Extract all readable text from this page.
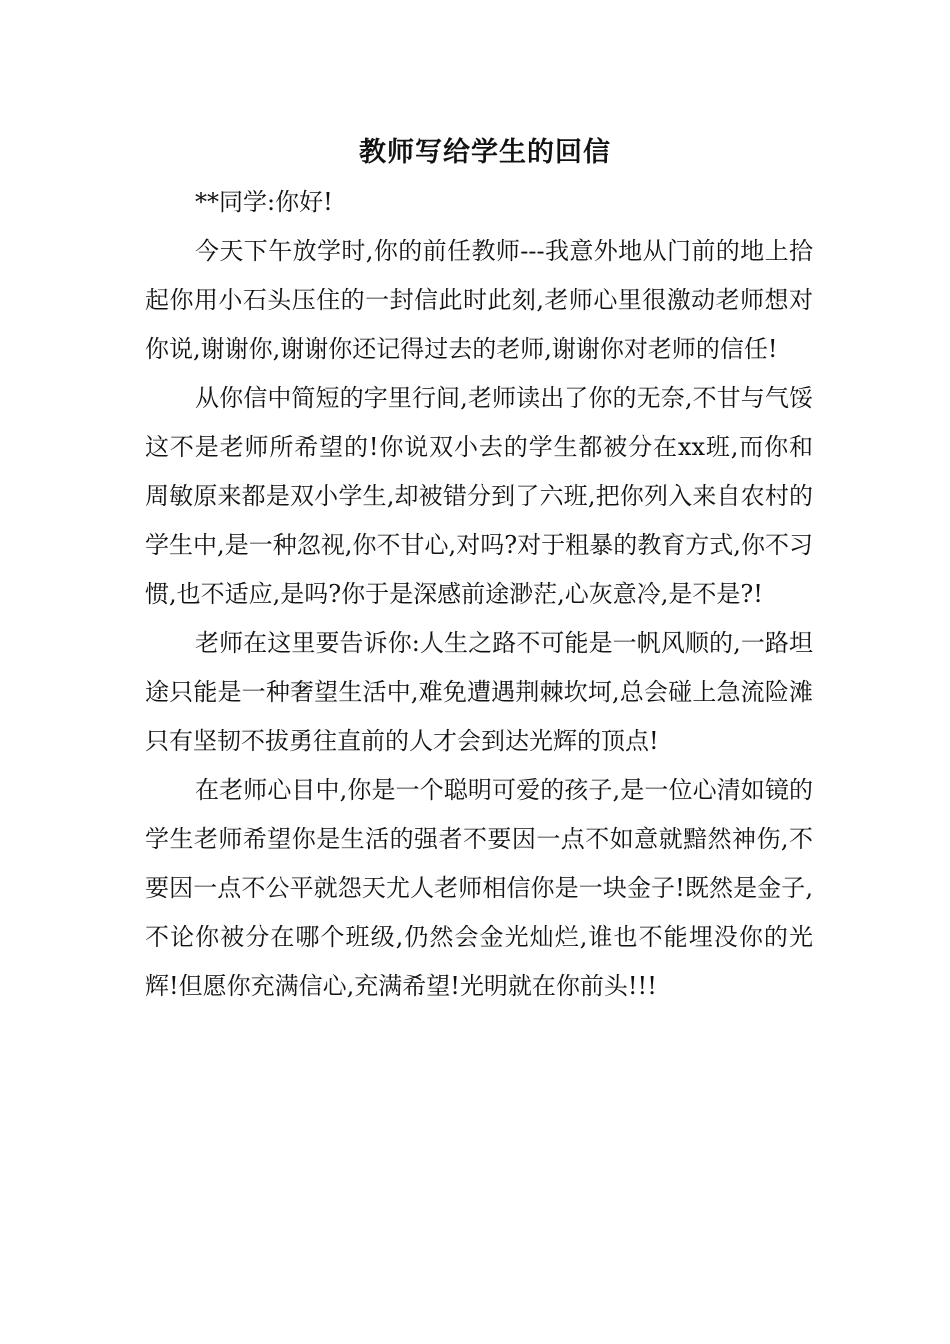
教师写给学生的回信

**同学:你好!

今天下午放学时,你的前任教师---我意外地从门前的地上拾起你用小石头压住的一封信此时此刻,老师心里很激动老师想对你说,谢谢你,谢谢你还记得过去的老师,谢谢你对老师的信任!

从你信中简短的字里行间,老师读出了你的无奈,不甘与气馁这不是老师所希望的!你说双小去的学生都被分在xx班,而你和周敏原来都是双小学生,却被错分到了六班,把你列入来自农村的学生中,是一种忽视,你不甘心,对吗?对于粗暴的教育方式,你不习惯,也不适应,是吗?你于是深感前途渺茫,心灰意冷,是不是?!

老师在这里要告诉你:人生之路不可能是一帆风顺的,一路坦途只能是一种奢望生活中,难免遭遇荆棘坎坷,总会碰上急流险滩只有坚韧不拔勇往直前的人才会到达光辉的顶点!

在老师心目中,你是一个聪明可爱的孩子,是一位心清如镜的学生老师希望你是生活的强者不要因一点不如意就黯然神伤,不要因一点不公平就怨天尤人老师相信你是一块金子!既然是金子,不论你被分在哪个班级,仍然会金光灿烂,谁也不能埋没你的光辉!但愿你充满信心,充满希望!光明就在你前头!!!
